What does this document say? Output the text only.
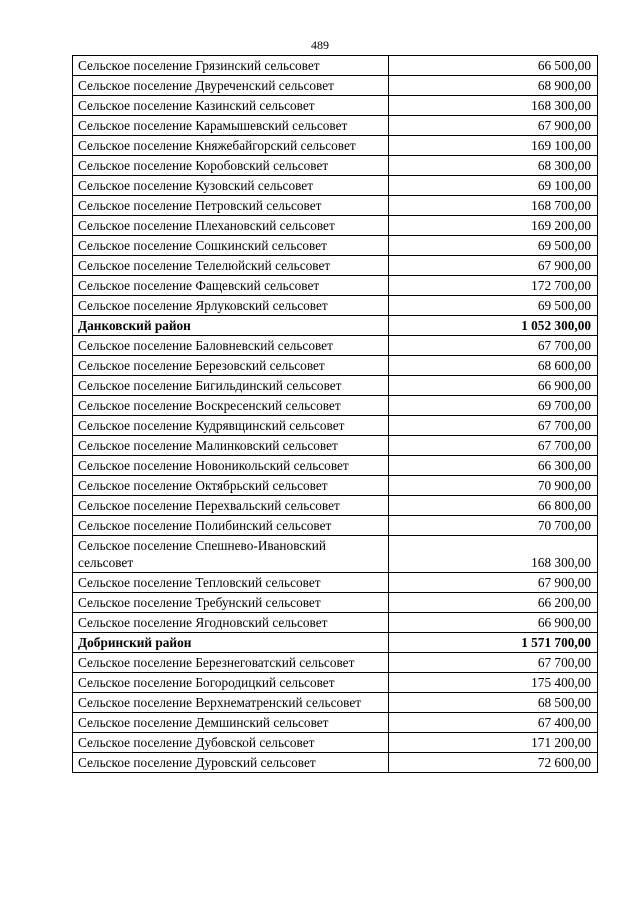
489
Сельское поселение Грязинский сельсовет	66 500,00
Сельское поселение Двуреченский сельсовет	68 900,00
Сельское поселение Казинский сельсовет	168 300,00
Сельское поселение Карамышевский сельсовет	67 900,00
Сельское поселение Княжебайгорский сельсовет	169 100,00
Сельское поселение Коробовский сельсовет	68 300,00
Сельское поселение Кузовский сельсовет	69 100,00
Сельское поселение Петровский сельсовет	168 700,00
Сельское поселение Плехановский сельсовет	169 200,00
Сельское поселение Сошкинский сельсовет	69 500,00
Сельское поселение Телелюйский сельсовет	67 900,00
Сельское поселение Фащевский сельсовет	172 700,00
Сельское поселение Ярлуковский сельсовет	69 500,00
Данковский район	1 052 300,00
Сельское поселение Баловневский сельсовет	67 700,00
Сельское поселение Березовский сельсовет	68 600,00
Сельское поселение Бигильдинский сельсовет	66 900,00
Сельское поселение Воскресенский сельсовет	69 700,00
Сельское поселение Кудрявщинский сельсовет	67 700,00
Сельское поселение Малинковский сельсовет	67 700,00
Сельское поселение Новоникольский сельсовет	66 300,00
Сельское поселение Октябрьский сельсовет	70 900,00
Сельское поселение Перехвальский сельсовет	66 800,00
Сельское поселение Полибинский сельсовет	70 700,00
Сельское поселение Спешнево-Ивановский сельсовет	168 300,00
Сельское поселение Тепловский сельсовет	67 900,00
Сельское поселение Требунский сельсовет	66 200,00
Сельское поселение Ягодновский сельсовет	66 900,00
Добринский район	1 571 700,00
Сельское поселение Березнеговатский сельсовет	67 700,00
Сельское поселение Богородицкий сельсовет	175 400,00
Сельское поселение Верхнематренский сельсовет	68 500,00
Сельское поселение Демшинский сельсовет	67 400,00
Сельское поселение Дубовской сельсовет	171 200,00
Сельское поселение Дуровский сельсовет	72 600,00
